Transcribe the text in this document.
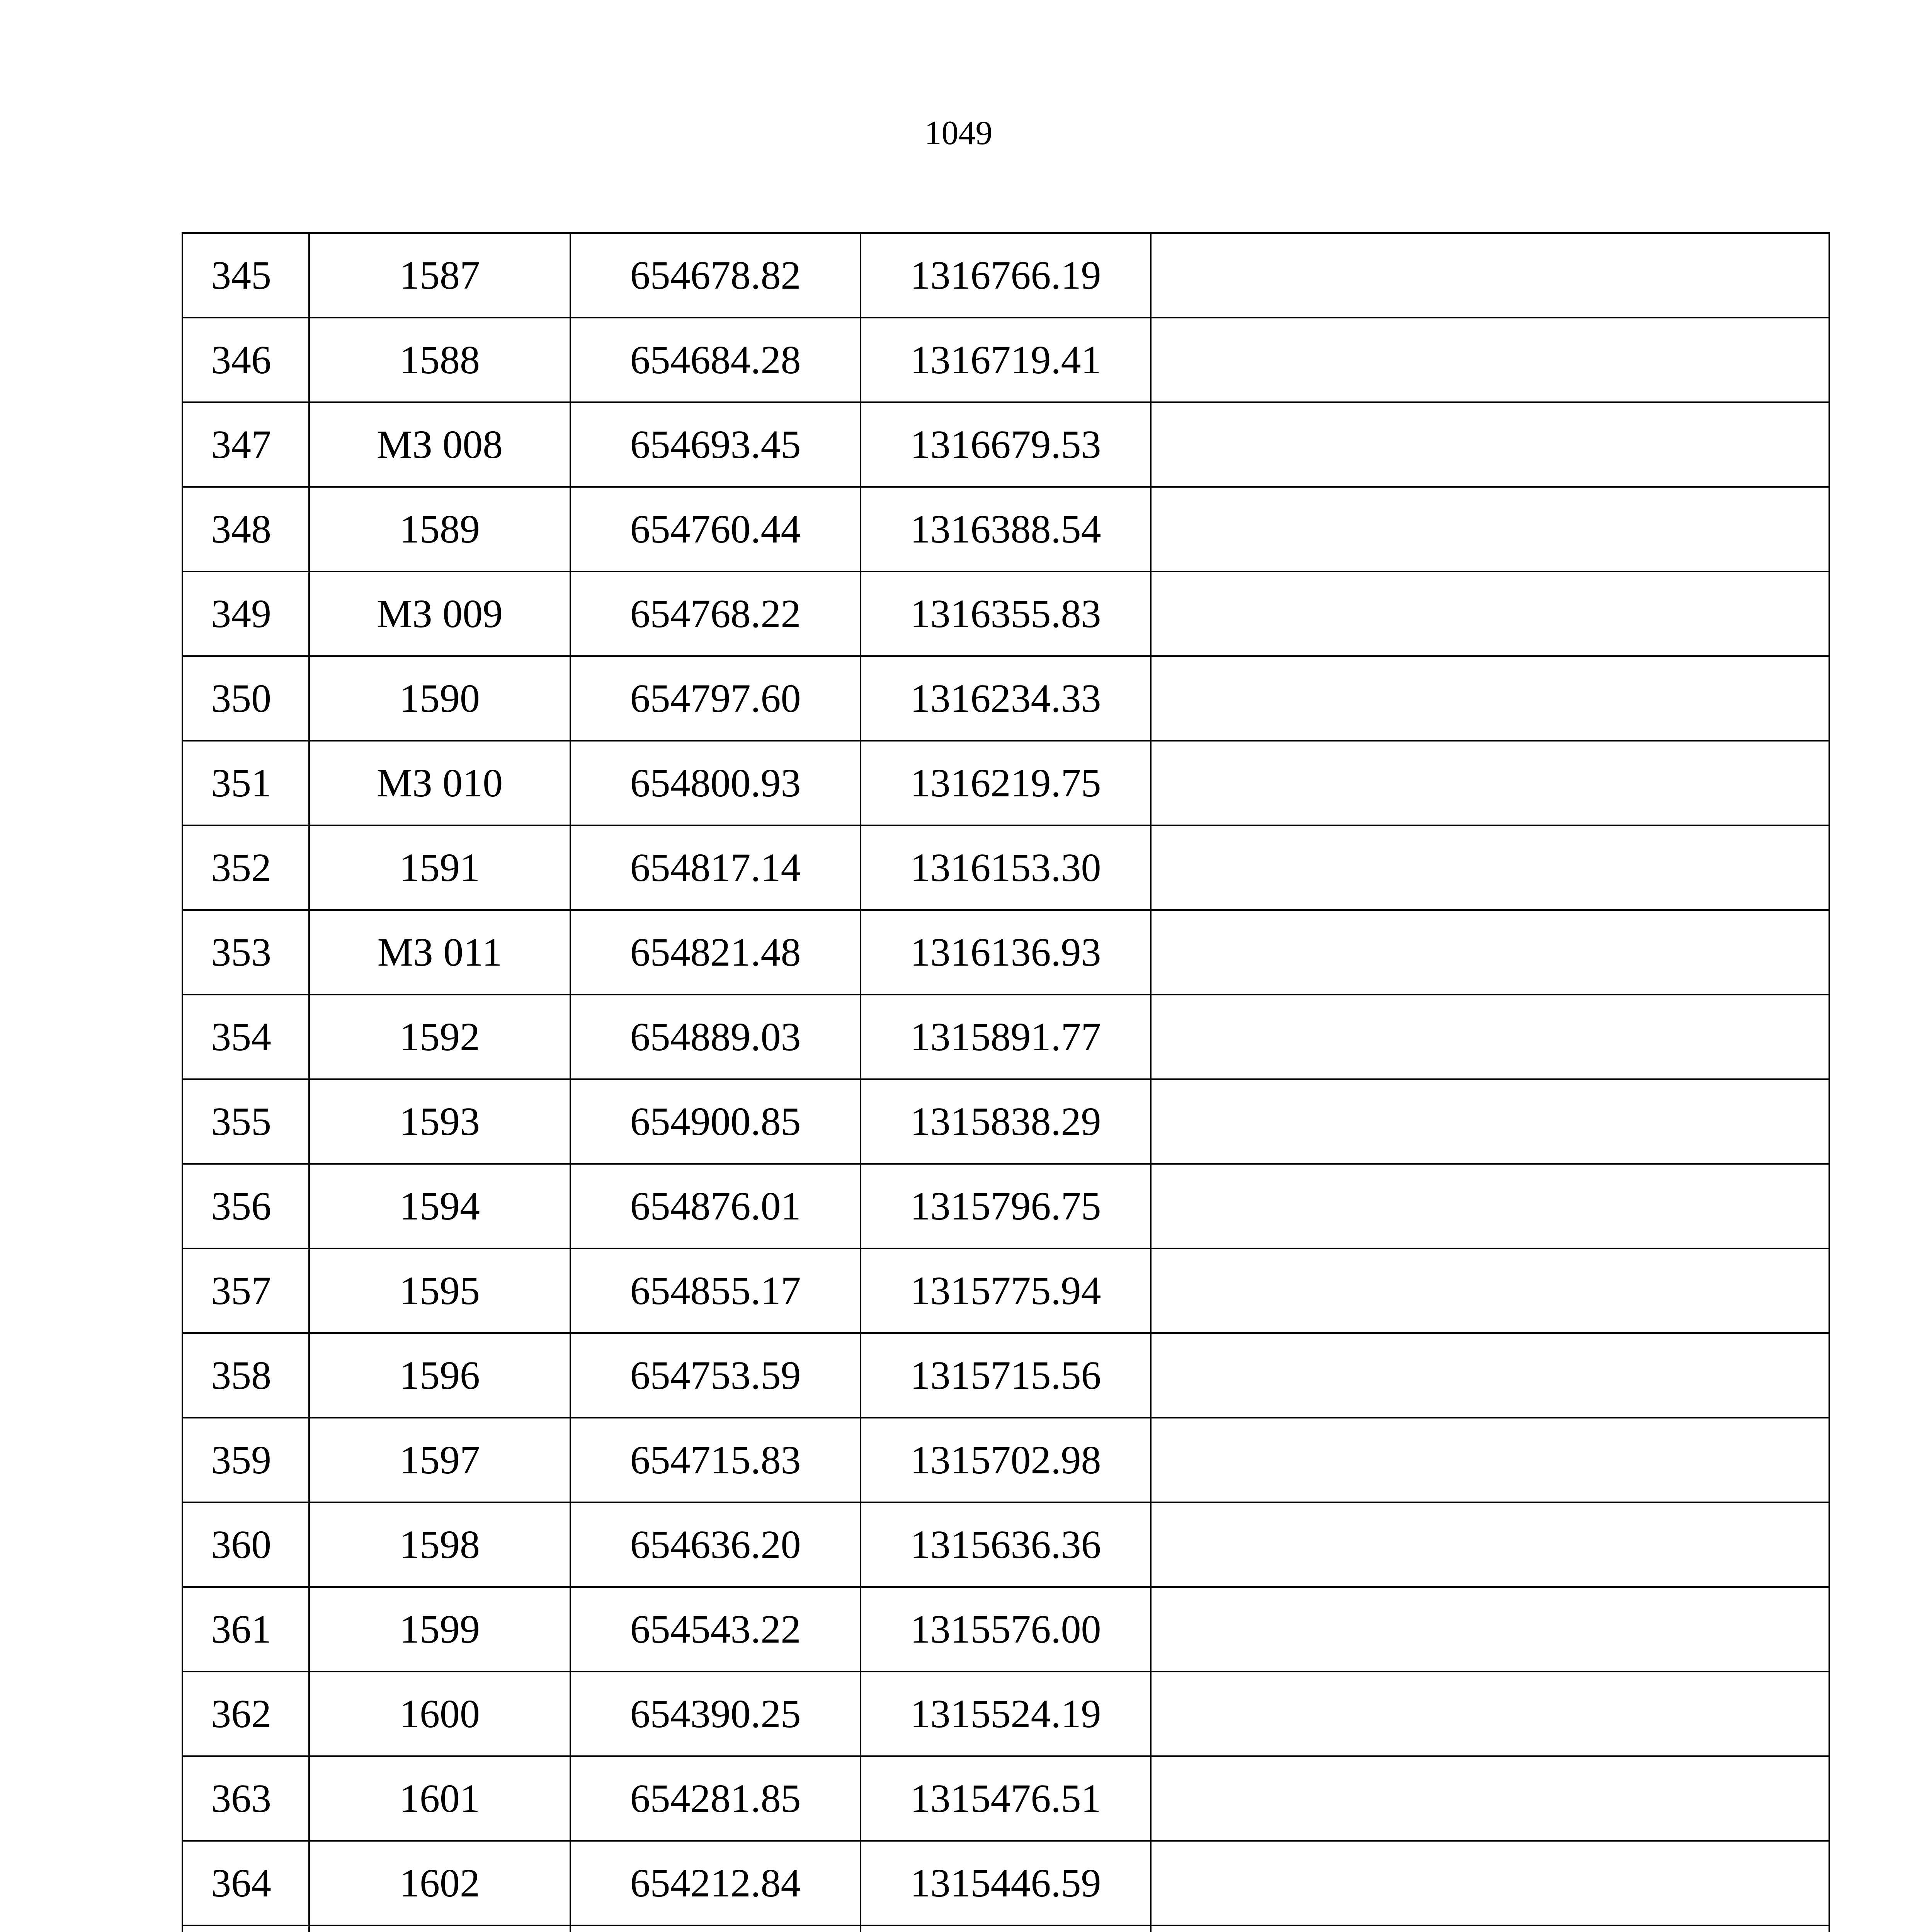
1049
345	1587	654678.82	1316766.19	
346	1588	654684.28	1316719.41	
347	МЗ 008	654693.45	1316679.53	
348	1589	654760.44	1316388.54	
349	МЗ 009	654768.22	1316355.83	
350	1590	654797.60	1316234.33	
351	МЗ 010	654800.93	1316219.75	
352	1591	654817.14	1316153.30	
353	МЗ 011	654821.48	1316136.93	
354	1592	654889.03	1315891.77	
355	1593	654900.85	1315838.29	
356	1594	654876.01	1315796.75	
357	1595	654855.17	1315775.94	
358	1596	654753.59	1315715.56	
359	1597	654715.83	1315702.98	
360	1598	654636.20	1315636.36	
361	1599	654543.22	1315576.00	
362	1600	654390.25	1315524.19	
363	1601	654281.85	1315476.51	
364	1602	654212.84	1315446.59	
